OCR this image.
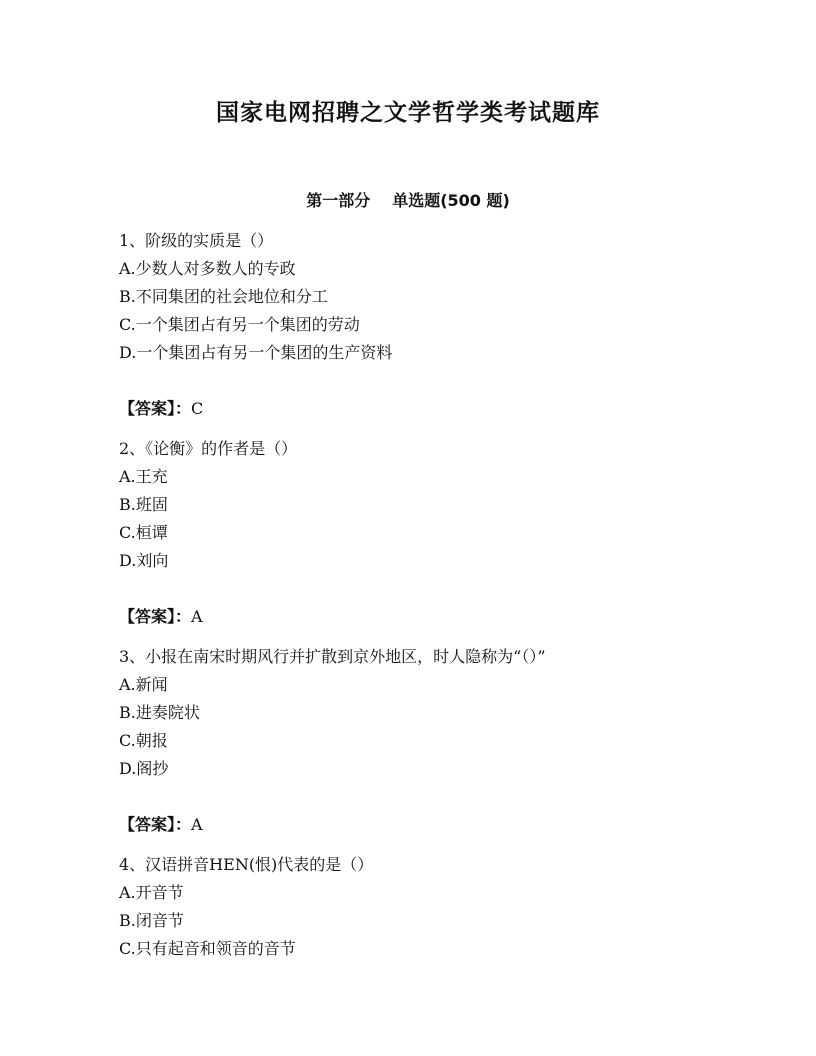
国家电网招聘之文学哲学类考试题库
第一部分 单选题(500 题)
1、阶级的实质是（）
A.少数人对多数人的专政
B.不同集团的社会地位和分工
C.一个集团占有另一个集团的劳动
D.一个集团占有另一个集团的生产资料
【答案】：C
2、《论衡》的作者是（）
A.王充
B.班固
C.桓谭
D.刘向
【答案】：A
3、小报在南宋时期风行并扩散到京外地区，时人隐称为“（）”
A.新闻
B.进奏院状
C.朝报
D.阁抄
【答案】：A
4、汉语拼音HEN(恨)代表的是（）
A.开音节
B.闭音节
C.只有起音和领音的音节
